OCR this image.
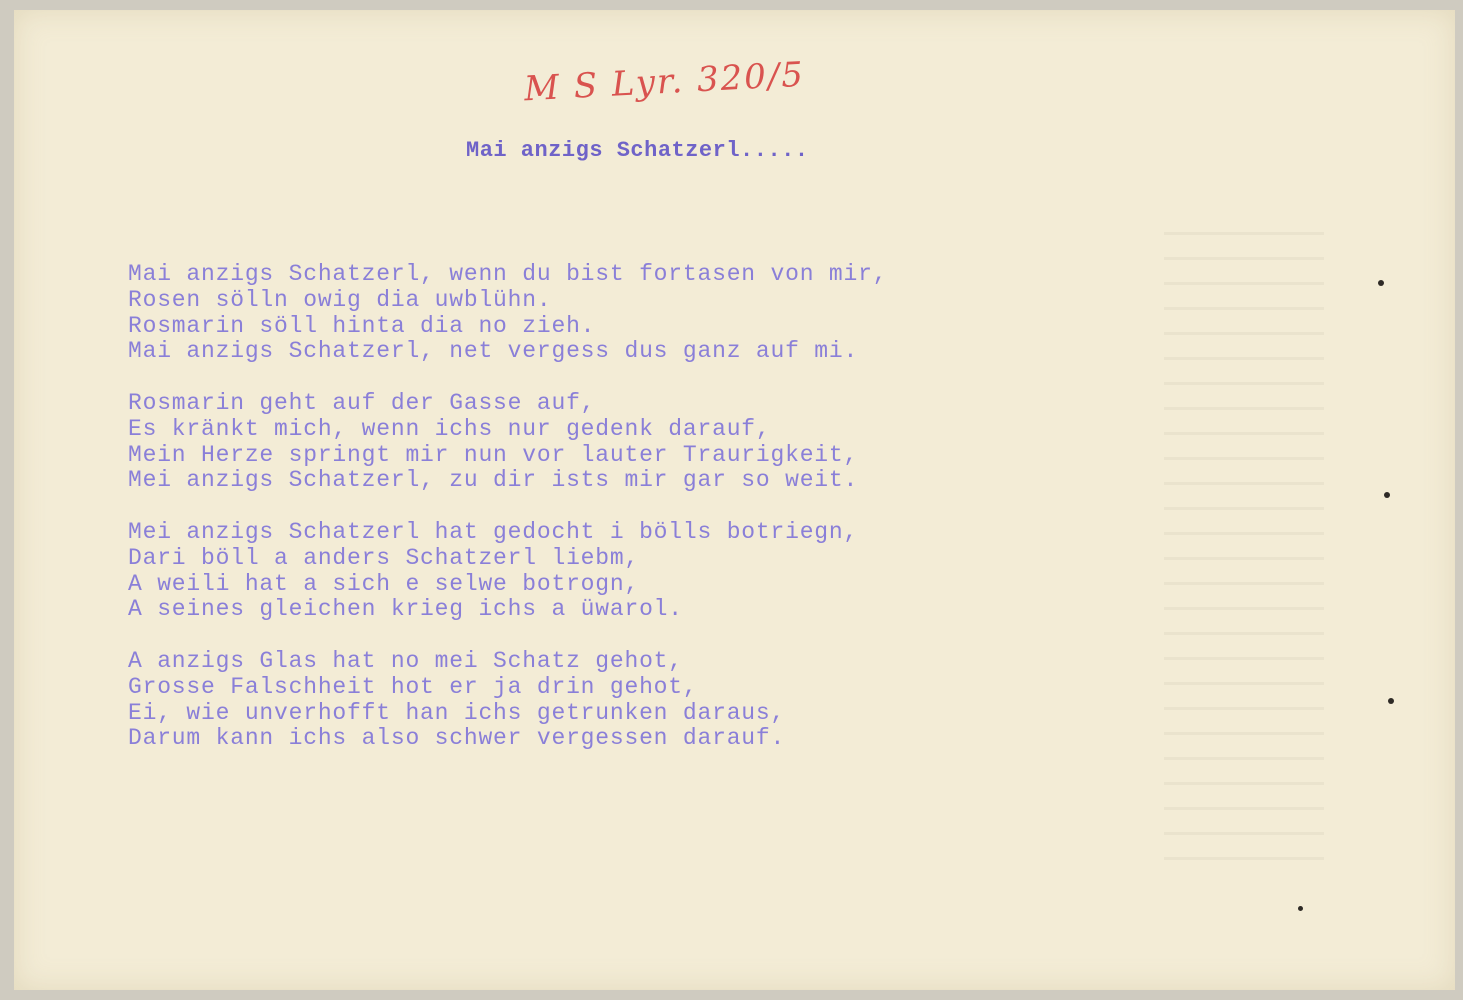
M S Lyr. 320/5
Mai anzigs Schatzerl.....
Mai anzigs Schatzerl, wenn du bist fortasen von mir,
Rosen sölln owig dia uwblühn.
Rosmarin söll hinta dia no zieh.
Mai anzigs Schatzerl, net vergess dus ganz auf mi.
Rosmarin geht auf der Gasse auf,
Es kränkt mich, wenn ichs nur gedenk darauf,
Mein Herze springt mir nun vor lauter Traurigkeit,
Mei anzigs Schatzerl, zu dir ists mir gar so weit.
Mei anzigs Schatzerl hat gedocht i bölls botriegn,
Dari böll a anders Schatzerl liebm,
A weili hat a sich e selwe botrogn,
A seines gleichen krieg ichs a üwarol.
A anzigs Glas hat no mei Schatz gehot,
Grosse Falschheit hot er ja drin gehot,
Ei, wie unverhofft han ichs getrunken daraus,
Darum kann ichs also schwer vergessen darauf.
